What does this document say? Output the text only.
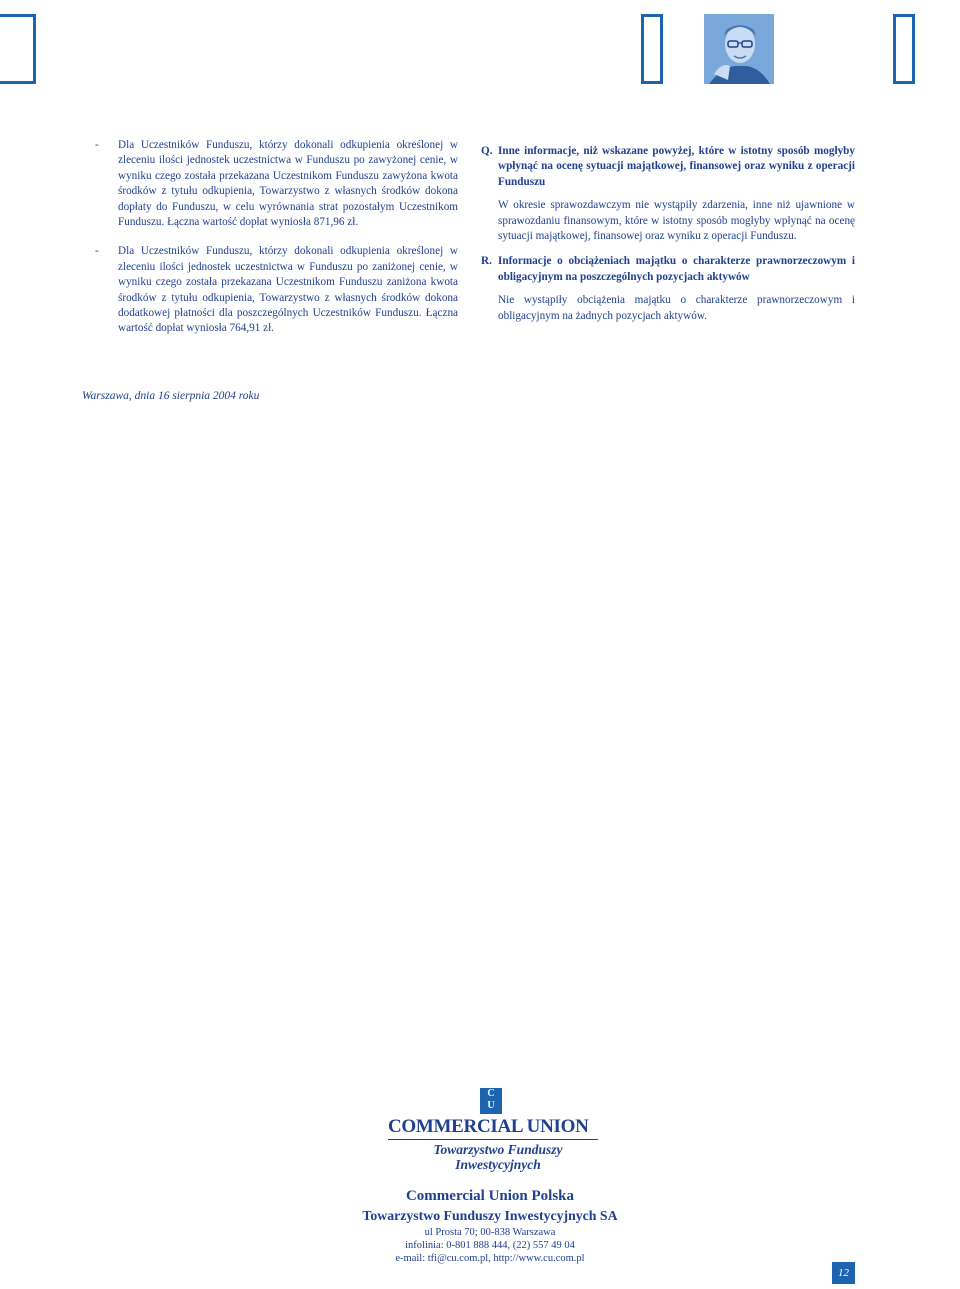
-	Dla Uczestników Funduszu, którzy dokonali odkupienia określonej w zleceniu ilości jednostek uczestnictwa w Funduszu po zawyżonej cenie, w wyniku czego została przekazana Uczestnikom Funduszu zawyżona kwota środków z tytułu odkupienia, Towarzystwo z własnych środków dokona dopłaty do Funduszu, w celu wyrównania strat pozostałym Uczestnikom Funduszu. Łączna wartość dopłat wyniosła 871,96 zł.
-	Dla Uczestników Funduszu, którzy dokonali odkupienia określonej w zleceniu ilości jednostek uczestnictwa w Funduszu po zaniżonej cenie, w wyniku czego została przekazana Uczestnikom Funduszu zaniżona kwota środków z tytułu odkupienia, Towarzystwo z własnych środków dokona dodatkowej płatności dla poszczególnych Uczestników Funduszu. Łączna wartość dopłat wyniosła 764,91 zł.
Q. Inne informacje, niż wskazane powyżej, które w istotny sposób mogłyby wpłynąć na ocenę sytuacji majątkowej, finansowej oraz wyniku z operacji Funduszu
W okresie sprawozdawczym nie wystąpiły zdarzenia, inne niż ujawnione w sprawozdaniu finansowym, które w istotny sposób mogłyby wpłynąć na ocenę sytuacji majątkowej, finansowej oraz wyniku z operacji Funduszu.
R. Informacje o obciążeniach majątku o charakterze prawnorzeczowym i obligacyjnym na poszczególnych pozycjach aktywów
Nie wystąpiły obciążenia majątku o charakterze prawnorzeczowym i obligacyjnym na żadnych pozycjach aktywów.
Warszawa, dnia 16 sierpnia 2004 roku
C
U
COMMERCIAL UNION
Towarzystwo Funduszy
Inwestycyjnych
Commercial Union Polska
Towarzystwo Funduszy Inwestycyjnych SA
ul Prosta 70; 00-838 Warszawa
infolinia: 0-801 888 444, (22) 557 49 04
e-mail: tfi@cu.com.pl, http://www.cu.com.pl
12
